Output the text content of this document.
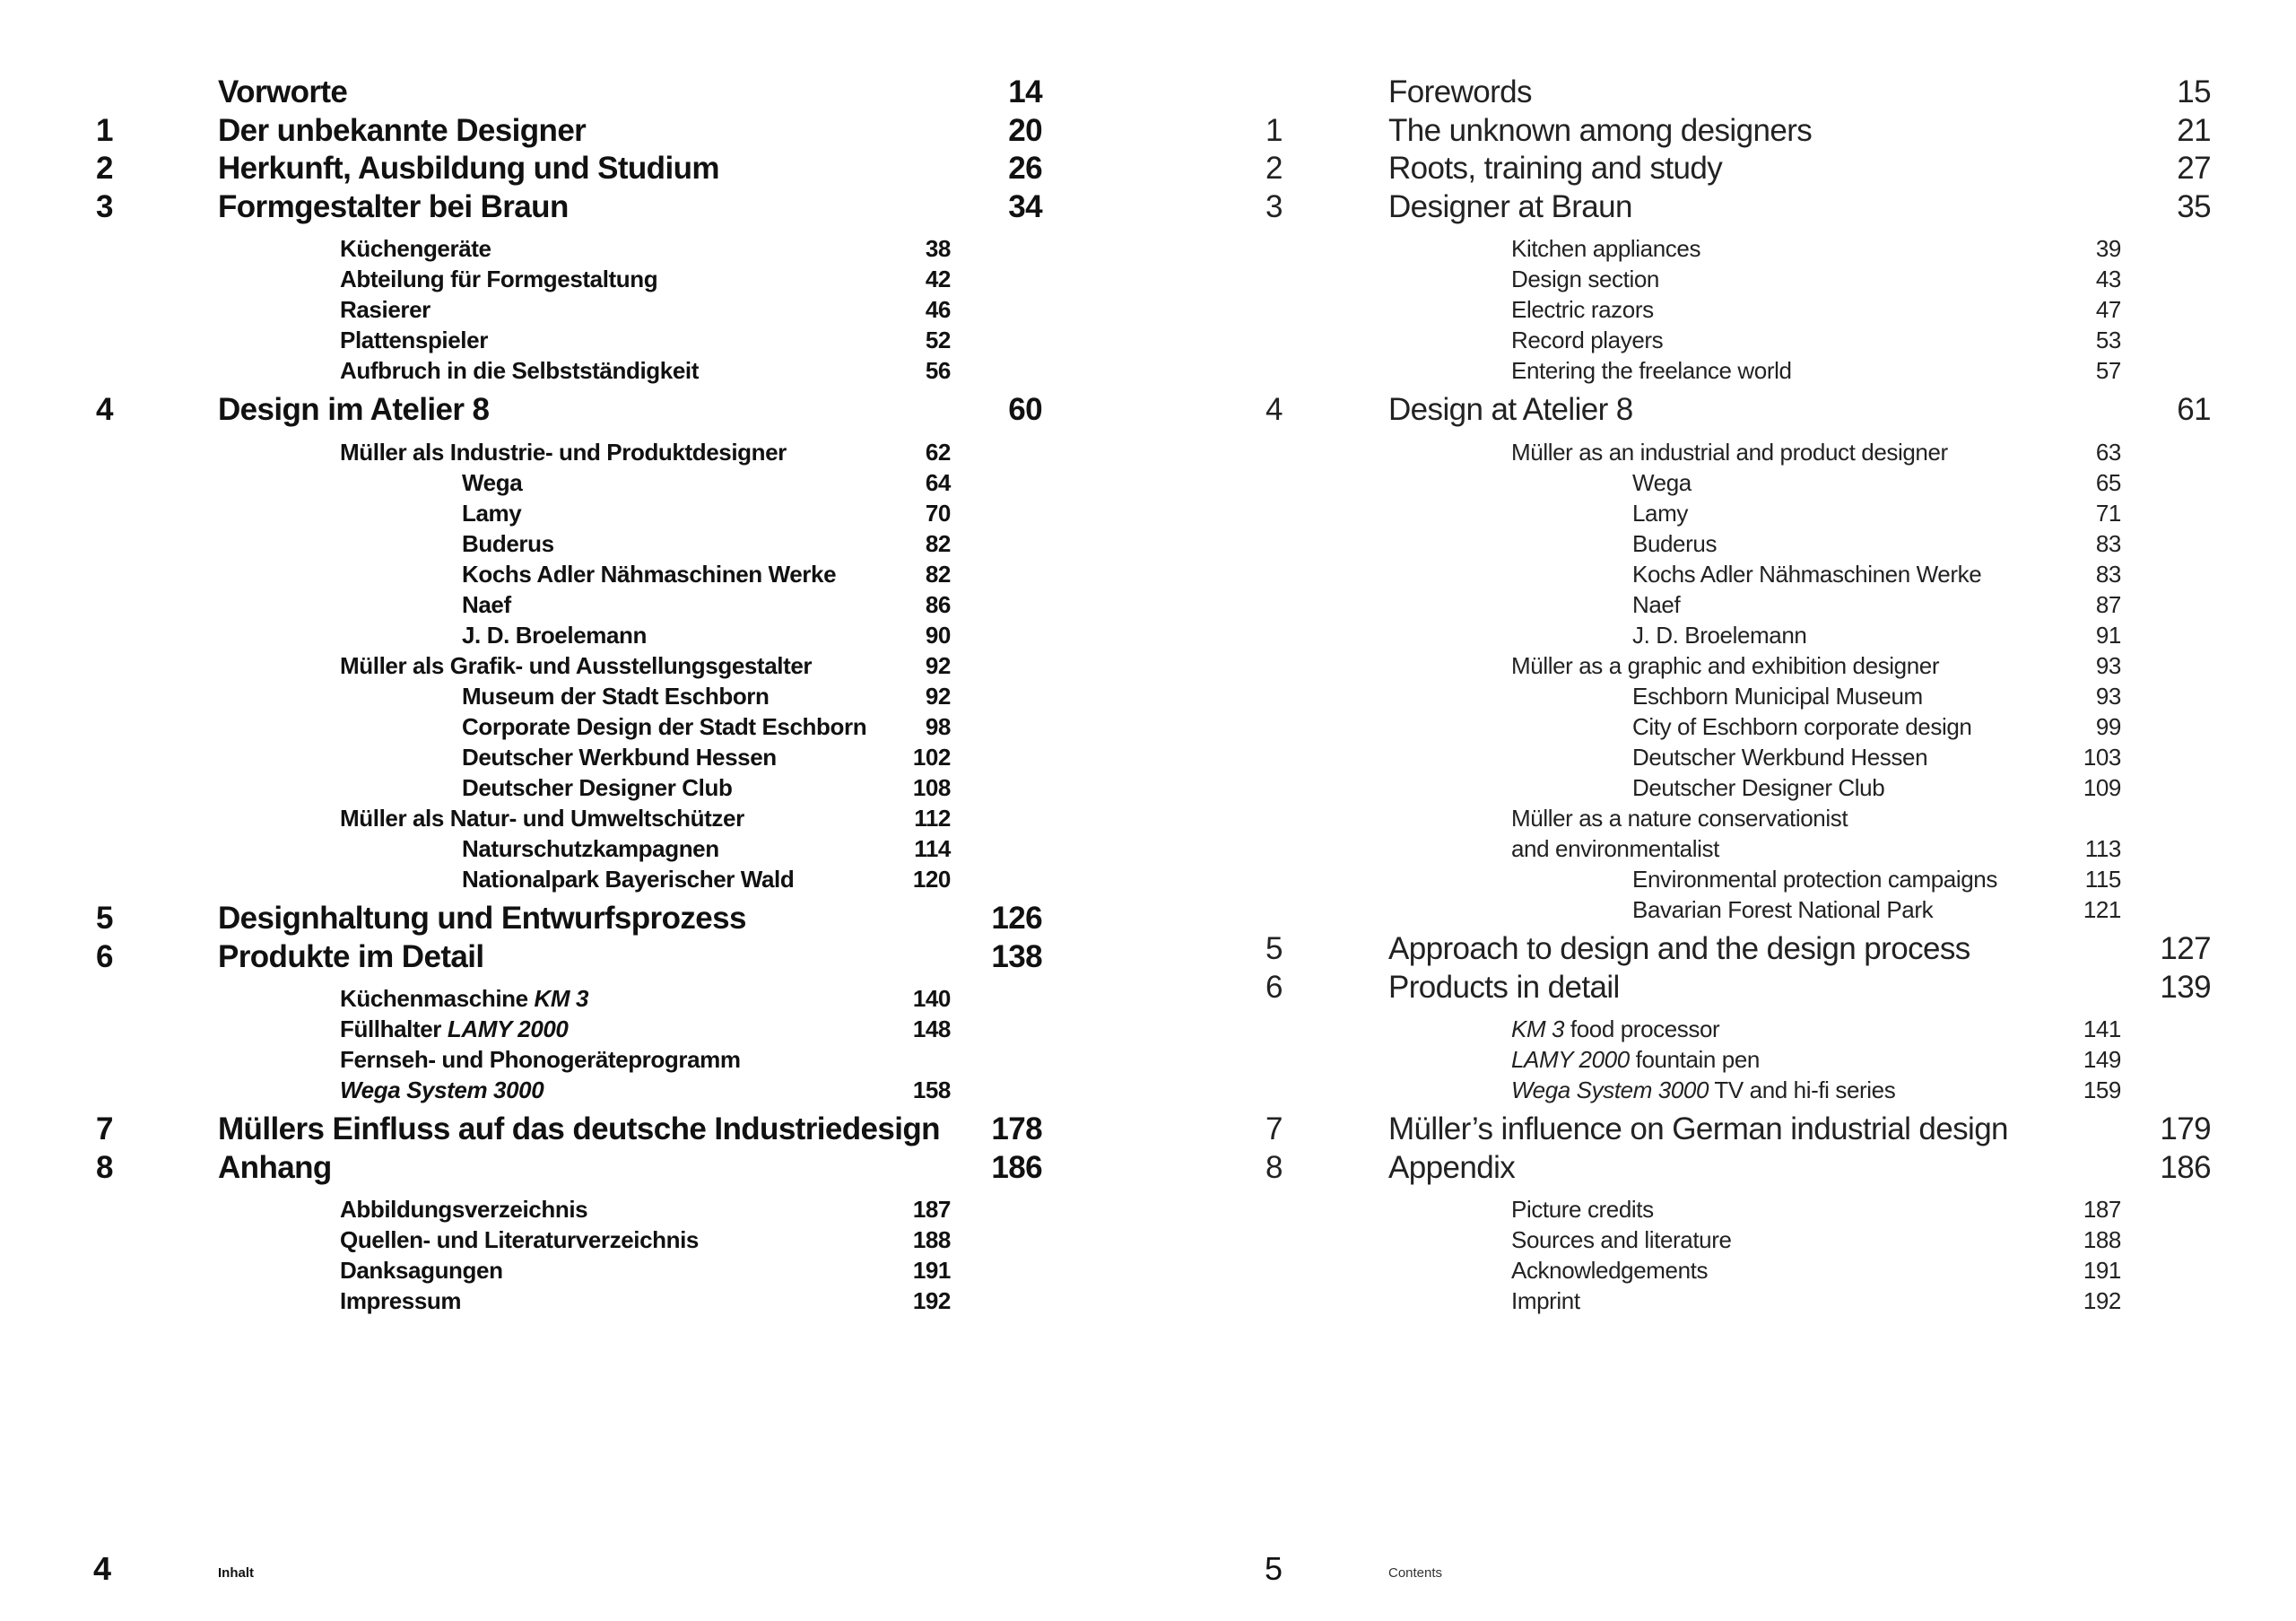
Vorworte	14
1	Der unbekannte Designer	20
2	Herkunft, Ausbildung und Studium	26
3	Formgestalter bei Braun	34
Küchengeräte	38
Abteilung für Formgestaltung	42
Rasierer	46
Plattenspieler	52
Aufbruch in die Selbstständigkeit	56
4	Design im Atelier 8	60
Müller als Industrie- und Produktdesigner	62
Wega	64
Lamy	70
Buderus	82
Kochs Adler Nähmaschinen Werke	82
Naef	86
J. D. Broelemann	90
Müller als Grafik- und Ausstellungsgestalter	92
Museum der Stadt Eschborn	92
Corporate Design der Stadt Eschborn	98
Deutscher Werkbund Hessen	102
Deutscher Designer Club	108
Müller als Natur- und Umweltschützer	112
Naturschutzkampagnen	114
Nationalpark Bayerischer Wald	120
5	Designhaltung und Entwurfsprozess	126
6	Produkte im Detail	138
Küchenmaschine KM 3	140
Füllhalter LAMY 2000	148
Fernseh- und Phonogeräteprogramm
Wega System 3000	158
7	Müllers Einfluss auf das deutsche Industriedesign 178
8	Anhang	186
Abbildungsverzeichnis	187
Quellen- und Literaturverzeichnis	188
Danksagungen	191
Impressum	192
Forewords	15
1	The unknown among designers	21
2	Roots, training and study	27
3	Designer at Braun	35
Kitchen appliances	39
Design section	43
Electric razors	47
Record players	53
Entering the freelance world	57
4	Design at Atelier 8	61
Müller as an industrial and product designer	63
Wega	65
Lamy	71
Buderus	83
Kochs Adler Nähmaschinen Werke	83
Naef	87
J. D. Broelemann	91
Müller as a graphic and exhibition designer	93
Eschborn Municipal Museum	93
City of Eschborn corporate design	99
Deutscher Werkbund Hessen	103
Deutscher Designer Club	109
Müller as a nature conservationist
and environmentalist	113
Environmental protection campaigns	115
Bavarian Forest National Park	121
5	Approach to design and the design process	127
6	Products in detail	139
KM 3 food processor	141
LAMY 2000 fountain pen	149
Wega System 3000 TV and hi-fi series	159
7	Müller’s influence on German industrial design	179
8	Appendix	186
Picture credits	187
Sources and literature	188
Acknowledgements	191
Imprint	192
4	Inhalt	5	Contents
